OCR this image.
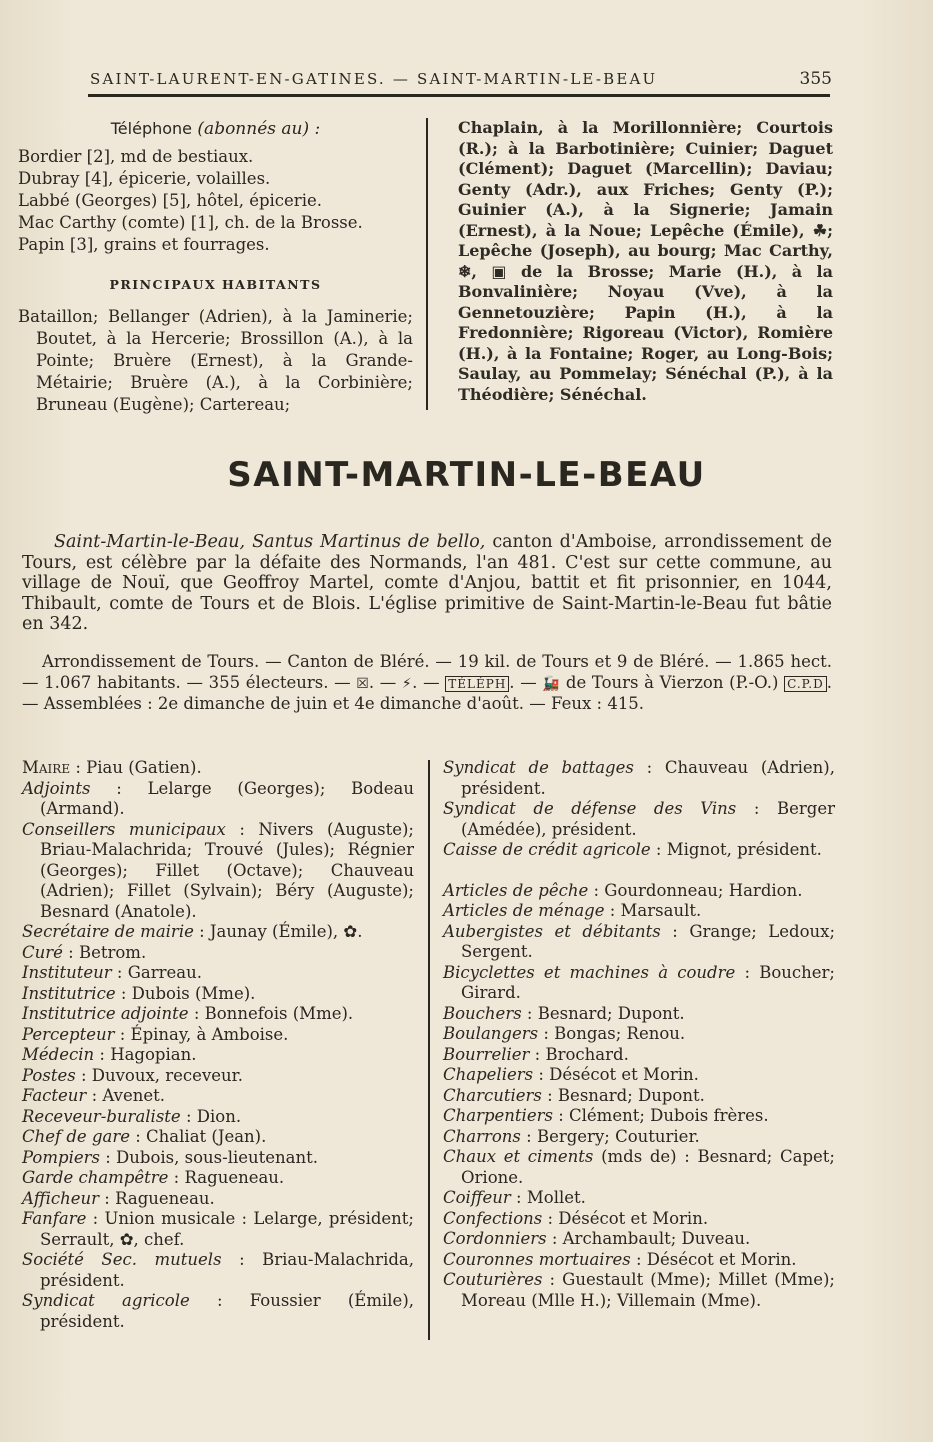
SAINT-LAURENT-EN-GATINES. — SAINT-MARTIN-LE-BEAU	355
Téléphone (abonnés au) :
Bordier [2], md de bestiaux.
Dubray [4], épicerie, volailles.
Labbé (Georges) [5], hôtel, épicerie.
Mac Carthy (comte) [1], ch. de la Brosse.
Papin [3], grains et fourrages.
PRINCIPAUX HABITANTS
Bataillon; Bellanger (Adrien), à la Jaminerie; Boutet, à la Hercerie; Brossillon (A.), à la Pointe; Bruère (Ernest), à la Grande-Métairie; Bruère (A.), à la Corbinière; Bruneau (Eugène); Cartereau;
Chaplain, à la Morillonnière; Courtois (R.); à la Barbotinière; Cuinier; Daguet (Clément); Daguet (Marcellin); Daviau; Genty (Adr.), aux Friches; Genty (P.); Guinier (A.), à la Signerie; Jamain (Ernest), à la Noue; Lepêche (Émile), ☘; Lepêche (Joseph), au bourg; Mac Carthy, ❄, ▣ de la Brosse; Marie (H.), à la Bonvalinière; Noyau (Vve), à la Gennetouzière; Papin (H.), à la Fredonnière; Rigoreau (Victor), Romière (H.), à la Fontaine; Roger, au Long-Bois; Saulay, au Pommelay; Sénéchal (P.), à la Théodière; Sénéchal.
SAINT-MARTIN-LE-BEAU
Saint-Martin-le-Beau, Santus Martinus de bello, canton d'Amboise, arrondissement de Tours, est célèbre par la défaite des Normands, l'an 481. C'est sur cette commune, au village de Nouï, que Geoffroy Martel, comte d'Anjou, battit et fit prisonnier, en 1044, Thibault, comte de Tours et de Blois. L'église primitive de Saint-Martin-le-Beau fut bâtie en 342.
Arrondissement de Tours. — Canton de Bléré. — 19 kil. de Tours et 9 de Bléré. — 1.865 hect. — 1.067 habitants. — 355 électeurs. — ☒. — ⚡. — TÉLÉPH . — 🚂 de Tours à Vierzon (P.-O.) C.P.D . — Assemblées : 2e dimanche de juin et 4e dimanche d'août. — Feux : 415.
Maire : Piau (Gatien).
Adjoints : Lelarge (Georges); Bodeau (Armand).
Conseillers municipaux : Nivers (Auguste); Briau-Malachrida; Trouvé (Jules); Régnier (Georges); Fillet (Octave); Chauveau (Adrien); Fillet (Sylvain); Béry (Auguste); Besnard (Anatole).
Secrétaire de mairie : Jaunay (Émile), ✿.
Curé : Betrom.
Instituteur : Garreau.
Institutrice : Dubois (Mme).
Institutrice adjointe : Bonnefois (Mme).
Percepteur : Épinay, à Amboise.
Médecin : Hagopian.
Postes : Duvoux, receveur.
Facteur : Avenet.
Receveur-buraliste : Dion.
Chef de gare : Chaliat (Jean).
Pompiers : Dubois, sous-lieutenant.
Garde champêtre : Ragueneau.
Afficheur : Ragueneau.
Fanfare : Union musicale : Lelarge, président; Serrault, ✿, chef.
Société Sec. mutuels : Briau-Malachrida, président.
Syndicat agricole : Foussier (Émile), président.
Syndicat de battages : Chauveau (Adrien), président.
Syndicat de défense des Vins : Berger (Amédée), président.
Caisse de crédit agricole : Mignot, président.
Articles de pêche : Gourdonneau; Hardion.
Articles de ménage : Marsault.
Aubergistes et débitants : Grange; Ledoux; Sergent.
Bicyclettes et machines à coudre : Boucher; Girard.
Bouchers : Besnard; Dupont.
Boulangers : Bongas; Renou.
Bourrelier : Brochard.
Chapeliers : Désécot et Morin.
Charcutiers : Besnard; Dupont.
Charpentiers : Clément; Dubois frères.
Charrons : Bergery; Couturier.
Chaux et ciments (mds de) : Besnard; Capet; Orione.
Coiffeur : Mollet.
Confections : Désécot et Morin.
Cordonniers : Archambault; Duveau.
Couronnes mortuaires : Désécot et Morin.
Couturières : Guestault (Mme); Millet (Mme); Moreau (Mlle H.); Villemain (Mme).
